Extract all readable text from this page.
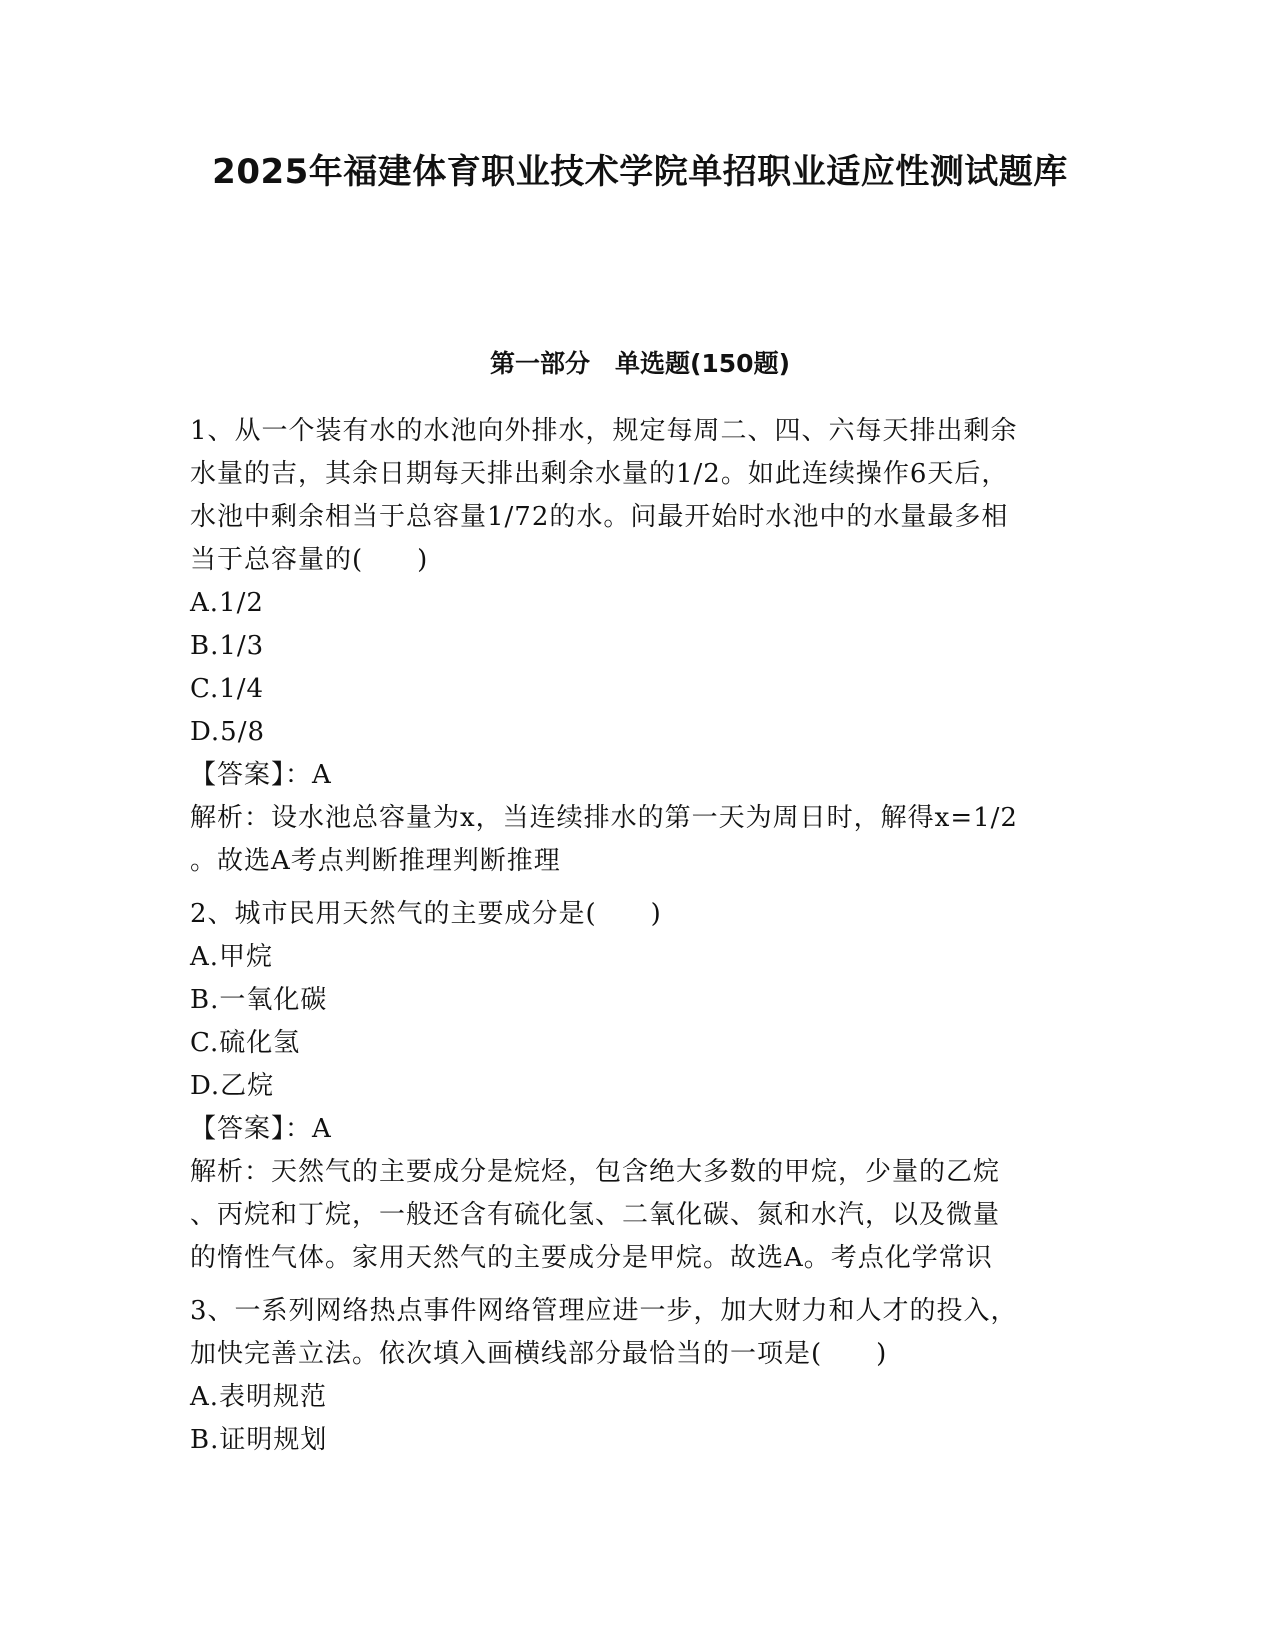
2025年福建体育职业技术学院单招职业适应性测试题库
第一部分　单选题(150题)
1、从一个装有水的水池向外排水，规定每周二、四、六每天排出剩余
水量的吉，其余日期每天排出剩余水量的1/2。如此连续操作6天后，
水池中剩余相当于总容量1/72的水。问最开始时水池中的水量最多相
当于总容量的(　　)
A.1/2
B.1/3
C.1/4
D.5/8
【答案】：A
解析：设水池总容量为x，当连续排水的第一天为周日时，解得x=1/2
。故选A考点判断推理判断推理
2、城市民用天然气的主要成分是(　　)
A.甲烷
B.一氧化碳
C.硫化氢
D.乙烷
【答案】：A
解析：天然气的主要成分是烷烃，包含绝大多数的甲烷，少量的乙烷
、丙烷和丁烷，一般还含有硫化氢、二氧化碳、氮和水汽，以及微量
的惰性气体。家用天然气的主要成分是甲烷。故选A。考点化学常识
3、一系列网络热点事件网络管理应进一步，加大财力和人才的投入，
加快完善立法。依次填入画横线部分最恰当的一项是(　　)
A.表明规范
B.证明规划
